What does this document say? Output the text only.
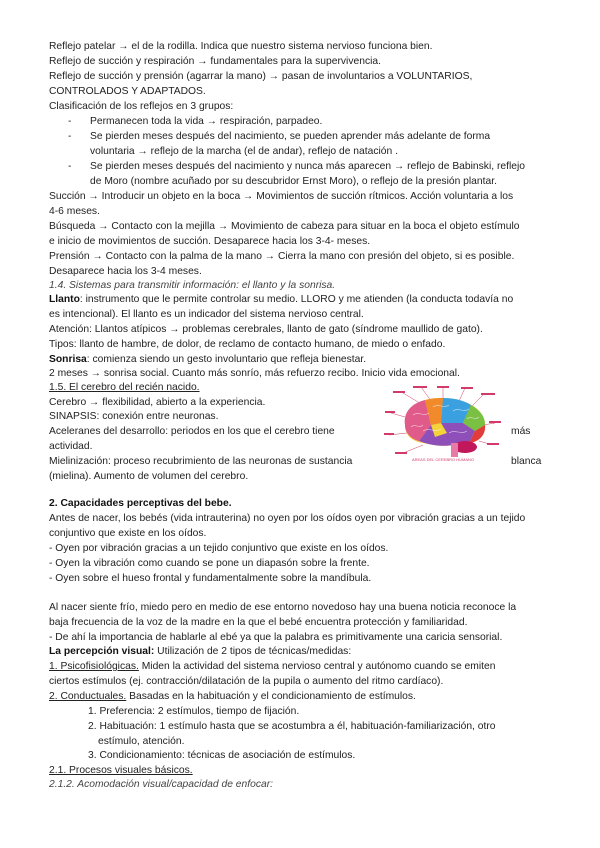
Reflejo patelar → el de la rodilla. Indica que nuestro sistema nervioso funciona bien.
Reflejo de succión y respiración → fundamentales para la supervivencia.
Reflejo de succión y prensión (agarrar la mano) → pasan de involuntarios a VOLUNTARIOS,
CONTROLADOS Y ADAPTADOS.
Clasificación de los reflejos en 3 grupos:
- Permanecen toda la vida → respiración, parpadeo.
- Se pierden meses después del nacimiento, se pueden aprender más adelante de forma
voluntaria → reflejo de la marcha (el de andar), reflejo de natación .
- Se pierden meses después del nacimiento y nunca más aparecen → reflejo de Babinski, reflejo
de Moro (nombre acuñado por su descubridor Ernst Moro), o reflejo de la presión plantar.
Succión → Introducir un objeto en la boca → Movimientos de succión rítmicos. Acción voluntaria a los
4-6 meses.
Búsqueda → Contacto con la mejilla → Movimiento de cabeza para situar en la boca el objeto estímulo
e inicio de movimientos de succión. Desaparece hacia los 3-4- meses.
Prensión → Contacto con la palma de la mano → Cierra la mano con presión del objeto, si es posible.
Desaparece hacia los 3-4 meses.
1.4. Sistemas para transmitir información: el llanto y la sonrisa.
Llanto: instrumento que le permite controlar su medio. LLORO y me atienden (la conducta todavía no
es intencional). El llanto es un indicador del sistema nervioso central.
Atención: Llantos atípicos → problemas cerebrales, llanto de gato (síndrome maullido de gato).
Tipos: llanto de hambre, de dolor, de reclamo de contacto humano, de miedo o enfado.
Sonrisa: comienza siendo un gesto involuntario que refleja bienestar.
2 meses → sonrisa social. Cuanto más sonrío, más refuerzo recibo. Inicio vida emocional.
1.5. El cerebro del recién nacido.
Cerebro → flexibilidad, abierto a la experiencia.
SINAPSIS: conexión entre neuronas.
Aceleranes del desarrollo: periodos en los que el cerebro tiene	más
actividad.
Mielinización: proceso recubrimiento de las neuronas de sustancia	blanca
(mielina). Aumento de volumen del cerebro.
AREAS DEL CEREBRO HUMANO
2. Capacidades perceptivas del bebe.
Antes de nacer, los bebés (vida intrauterina) no oyen por los oídos oyen por vibración gracias a un tejido
conjuntivo que existe en los oídos.
- Oyen por vibración gracias a un tejido conjuntivo que existe en los oídos.
- Oyen la vibración como cuando se pone un diapasón sobre la frente.
- Oyen sobre el hueso frontal y fundamentalmente sobre la mandíbula.
Al nacer siente frío, miedo pero en medio de ese entorno novedoso hay una buena noticia reconoce la
baja frecuencia de la voz de la madre en la que el bebé encuentra protección y familiaridad.
- De ahí la importancia de hablarle al ebé ya que la palabra es primitivamente una caricia sensorial.
La percepción visual: Utilización de 2 tipos de técnicas/medidas:
1. Psicofisiológicas. Miden la actividad del sistema nervioso central y autónomo cuando se emiten
ciertos estímulos (ej. contracción/dilatación de la pupila o aumento del ritmo cardíaco).
2. Conductuales. Basadas en la habituación y el condicionamiento de estímulos.
1. Preferencia: 2 estímulos, tiempo de fijación.
2. Habituación: 1 estímulo hasta que se acostumbra a él, habituación-familiarización, otro
estímulo, atención.
3. Condicionamiento: técnicas de asociación de estímulos.
2.1. Procesos visuales básicos.
2.1.2. Acomodación visual/capacidad de enfocar:
